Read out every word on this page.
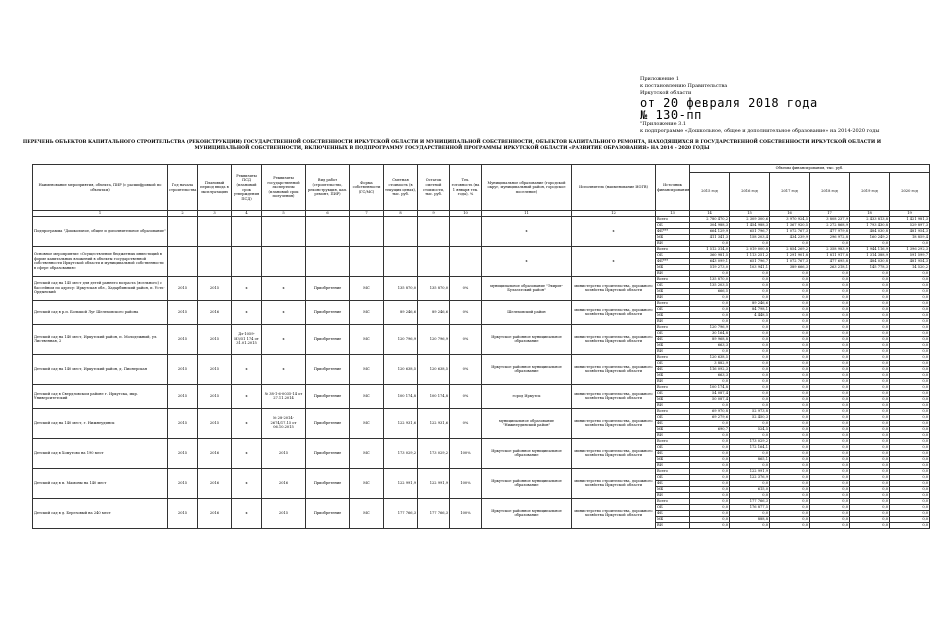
Приложение 1
к постановлению Правительства
Иркутской области
от 20 февраля 2018 года
№ 130-пп
"Приложение 3.1
к подпрограмме «Дошкольное, общее и дополнительное образование» на 2014-2020 годы
ПЕРЕЧЕНЬ ОБЪЕКТОВ КАПИТАЛЬНОГО СТРОИТЕЛЬСТВА (РЕКОНСТРУКЦИИ) ГОСУДАРСТВЕННОЙ СОБСТВЕННОСТИ ИРКУТСКОЙ ОБЛАСТИ И МУНИЦИПАЛЬНОЙ СОБСТВЕННОСТИ, ОБЪЕКТОВ КАПИТАЛЬНОГО РЕМОНТА, НАХОДЯЩИХСЯ В ГОСУДАРСТВЕННОЙ СОБСТВЕННОСТИ ИРКУТСКОЙ ОБЛАСТИ И МУНИЦИПАЛЬНОЙ СОБСТВЕННОСТИ, ВКЛЮЧЕННЫХ В ПОДПРОГРАММУ ГОСУДАРСТВЕННОЙ ПРОГРАММЫ ИРКУТСКОЙ ОБЛАСТИ «РАЗВИТИЕ ОБРАЗОВАНИЯ» НА 2014 - 2020 ГОДЫ
Наименование мероприятия, объекта, ПИР (с расшифровкой по объектам)	Год начала строительства	Плановый период ввода в эксплуатацию	Реквизиты ПСД (плановый срок утверждения ПСД)	Реквизиты государственной экспертизы (плановый срок получения)	Вид работ (строительство, реконструкция, кап. ремонт, ПИР)	Форма собственности (ГС/МС)	Сметная стоимость (в текущих ценах), тыс. руб.	Остаток сметной стоимости, тыс. руб.	Тех. готовность (на 1 января тек. года), %	Муниципальное образование (городской округ, муниципальный район, городское поселение)	Исполнитель (наименование ИОГВ)	Источник финансирования	Объемы финансирования, тыс. руб.					
													2015 год	2016 год	2017 год	2018 год	2019 год	2020 год
1	2	3	4	5	6	7	8	9	10	11	12	13	14	15	16	17	18	19
Подпрограмма "Дошкольное, общее и дополнительное образование"										x	x	Всего	2 780 470,2	2 309 300,6	3 970 924,5	3 808 237,9	2 433 813,8	1 421 981,3
												ОБ	304 988,3	1 454 988,3	1 367 920,5	2 272 868,9	1 793 430,8	529 897,3
												ФБ***	664 129,9	651 796,7	1 072 767,3	477 979,8	484 030,8	481 954,3
												МБ	411 341,3	158 203,4	434 239,9	296 972,8	160 249,2	18 859,4
												ВИ	0,0	0,0	0,0	0,0	0,0	0,0
Основное мероприятие «Осуществление бюджетных инвестиций в форме капитальных вложений в объекты государственной собственности Иркутской области и муниципальной собственности в сфере образования»										x	x	Всего	1 512 314,0	2 019 000,8	2 854 269,2	2 358 983,9	1 944 116,9	1 396 292,3
												ОБ	360 981,5	1 113 251,2	1 291 901,8	1 811 917,8	1 314 388,9	591 599,7
												ФБ***	643 099,1	651 796,7	1 072 767,3	477 695,8	484 030,8	481 954,3
												МБ	519 273,0	103 941,1	389 666,3	263 218,1	145 778,3	14 520,2
												ВИ	0,0	0,0	0,0	0,0	0,0	0,0
Детский сад на 145 мест для детей раннего возраста (ясельного) с бассейном по адресу: Иркутская обл., Хадарбинский район, п. Усть-Ордынский	2015	2015	x	x	Приобретение	МС	135 870,0	135 870,0	0%	муниципальное образование "Эхирит-Булагатский район"	министерство строительства, дорожного хозяйства Иркутской области	Всего	135 870,0	0,0	0,0	0,0	0,0	0,0
												ОБ	135 203,5	0,0	0,0	0,0	0,0	0,0
												МБ	666,5	0,0	0,0	0,0	0,0	0,0
												ВИ	0,0	0,0	0,0	0,0	0,0	0,0
Детский сад в р.п. Большой Луг Шелеховского района	2015	2016	x	x	Приобретение	МС	89 246,6	89 246,6	0%	Шелеховский район	министерство строительства, дорожного хозяйства Иркутской области	Всего	0,0	89 246,6	0,0	0,0	0,0	0,0
												ОБ	0,0	84 798,1	0,0	0,0	0,0	0,0
												МБ	0,0	4 448,5	0,0	0,0	0,0	0,0
												ВИ	0,0	0,0	0,0	0,0	0,0	0,0
Детский сад на 140 мест, Иркутский район, п. Молодежный, ул. Лиственная, 2	2015	2015	Дз-1059-ИЗ/51 174 от 31.01.2015	x	Приобретение	МС	120 796,9	120 796,9	0%	Иркутское районное муниципальное образование	министерство строительства, дорожного хозяйства Иркутской области	Всего	120 796,9	0,0	0,0	0,0	0,0	0,0
												ОБ	30 164,8	0,0	0,0	0,0	0,0	0,0
												ФБ	89 968,8	0,0	0,0	0,0	0,0	0,0
												МБ	663,3	0,0	0,0	0,0	0,0	0,0
												ВИ	0,0	0,0	0,0	0,0	0,0	0,0
Детский сад на 140 мест, Иркутский район, д. Пионерская	2015	2015	x	x	Приобретение	МС	120 638,5	120 638,5	0%	Иркутское районное муниципальное образование	министерство строительства, дорожного хозяйства Иркутской области	Всего	120 638,5	0,0	0,0	0,0	0,0	0,0
												ОБ	3 882,9	0,0	0,0	0,0	0,0	0,0
												ФБ	116 092,3	0,0	0,0	0,0	0,0	0,0
												МБ	663,3	0,0	0,0	0,0	0,0	0,0
												ВИ	0,0	0,0	0,0	0,0	0,0	0,0
Детский сад в Свердловском районе г. Иркутска, мкр. Университетский	2015	2015	x	№ 38-1-6-0035-14 от 27.11.2014	Приобретение	МС	100 174,8	100 174,8	0%	город Иркутск	министерство строительства, дорожного хозяйства Иркутской области	Всего	100 174,8	0,0	0,0	0,0	0,0	0,0
												ОБ	54 087,4	0,0	0,0	0,0	0,0	0,0
												МБ	50 087,4	0,0	0,0	0,0	0,0	0,0
												ВИ	0,0	0,0	0,0	0,0	0,0	0,0
Детский сад на 140 мест, г. Нижнеудинск	2015	2015	x	№ 28-2014-2674/17.15 от 06.10.2015	Приобретение	МС	122 931,6	122 931,6	0%	муниципальное образование "Нижнеудинский район"	министерство строительства, дорожного хозяйства Иркутской области	Всего	69 970,8	52 973,8	0,0	0,0	0,0	0,0
												ОБ	69 279,6	52 450,3	0,0	0,0	0,0	0,0
												ФБ	0,0	0,0	0,0	0,0	0,0	0,0
												МБ	690,7	524,5	0,0	0,0	0,0	0,0
												ВИ	0,0	0,0	0,0	0,0	0,0	0,0
Детский сад в Хомутово на 190 мест	2015	2016	x	2015	Приобретение	МС	173 029,2	173 029,2	100%	Иркутское районное муниципальное образование	министерство строительства, дорожного хозяйства Иркутской области	Всего	0,0	173 029,2	0,0	0,0	0,0	0,0
												ОБ	0,0	172 164,1	0,0	0,0	0,0	0,0
												ФБ	0,0	0,0	0,0	0,0	0,0	0,0
												МБ	0,0	865,1	0,0	0,0	0,0	0,0
												ВИ	0,0	0,0	0,0	0,0	0,0	0,0
Детский сад в п. Мамоны на 140 мест	2015	2016	x	2016	Приобретение	МС	122 991,9	122 991,9	100%	Иркутское районное муниципальное образование	министерство строительства, дорожного хозяйства Иркутской области	Всего	0,0	122 991,9	0,0	0,0	0,0	0,0
												ОБ	0,0	122 376,9	0,0	0,0	0,0	0,0
												ФБ	0,0	0,0	0,0	0,0	0,0	0,0
												МБ	0,0	615,0	0,0	0,0	0,0	0,0
												ВИ	0,0	0,0	0,0	0,0	0,0	0,0
Детский сад в д. Березовый на 240 мест	2015	2016	x	2015	Приобретение	МС	177 766,3	177 766,3	100%	Иркутское районное муниципальное образование	министерство строительства, дорожного хозяйства Иркутской области	Всего	0,0	177 766,3	0,0	0,0	0,0	0,0
												ОБ	0,0	176 877,5	0,0	0,0	0,0	0,0
												ФБ	0,0	0,0	0,0	0,0	0,0	0,0
												МБ	0,0	888,8	0,0	0,0	0,0	0,0
												ВИ	0,0	0,0	0,0	0,0	0,0	0,0
